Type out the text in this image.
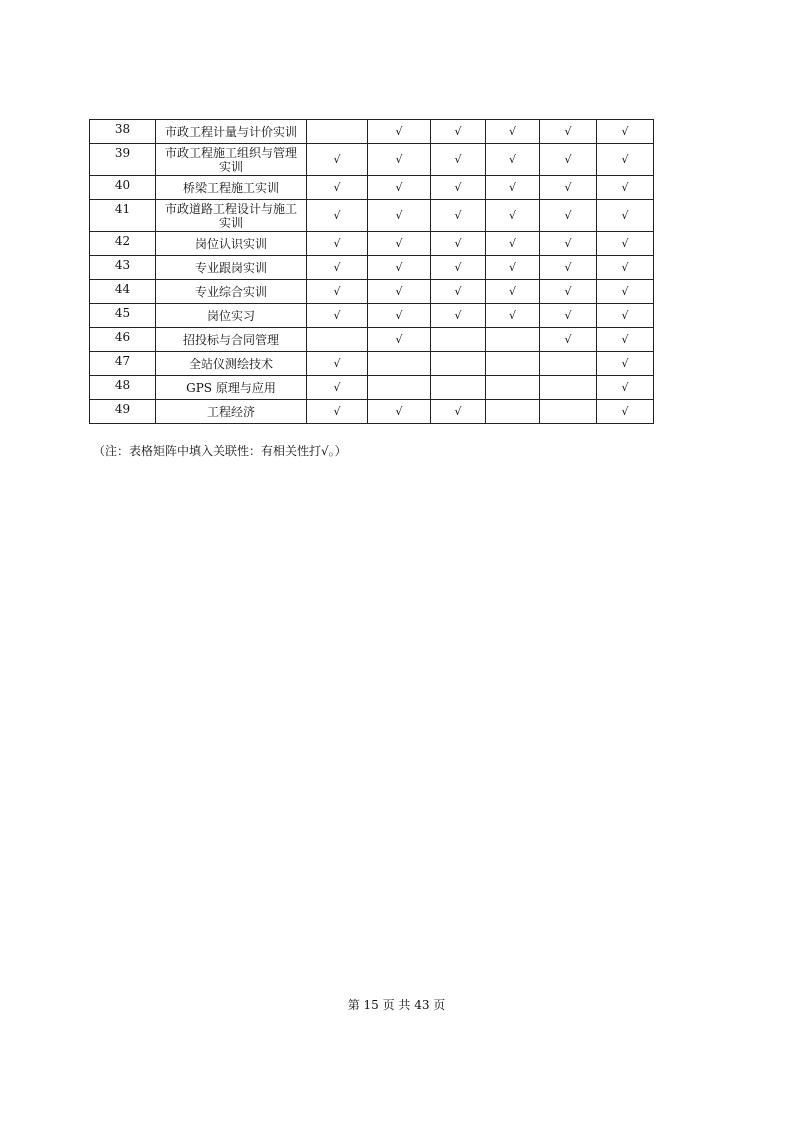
38	市政工程计量与计价实训		√	√	√	√	√
39	市政工程施工组织与管理实训	√	√	√	√	√	√
40	桥梁工程施工实训	√	√	√	√	√	√
41	市政道路工程设计与施工实训	√	√	√	√	√	√
42	岗位认识实训	√	√	√	√	√	√
43	专业跟岗实训	√	√	√	√	√	√
44	专业综合实训	√	√	√	√	√	√
45	岗位实习	√	√	√	√	√	√
46	招投标与合同管理		√			√	√
47	全站仪测绘技术	√					√
48	GPS 原理与应用	√					√
49	工程经济	√	√	√			√
（注：表格矩阵中填入关联性：有相关性打√。）
第 15 页 共 43 页
